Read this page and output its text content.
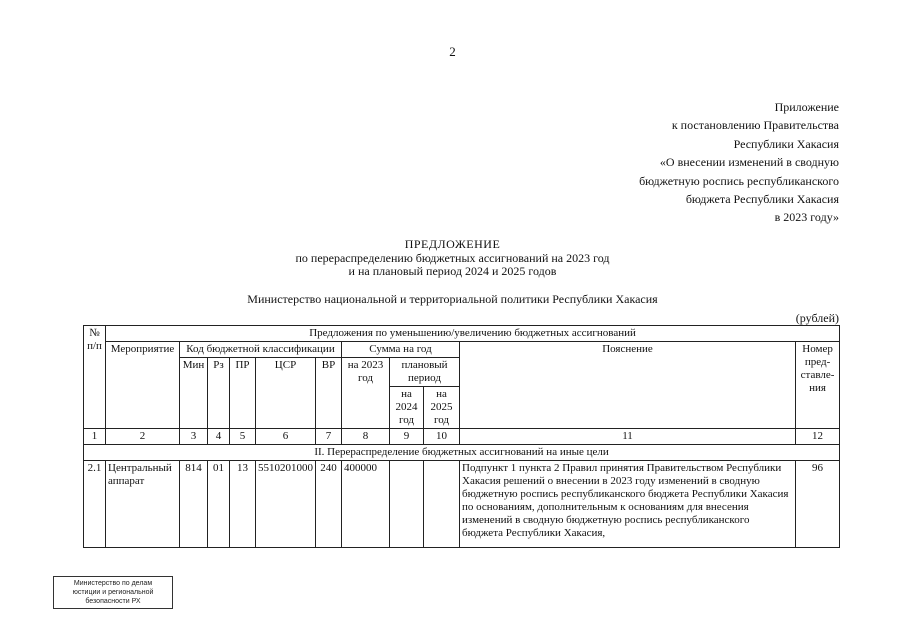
2
Приложение
к постановлению Правительства
Республики Хакасия
«О внесении изменений в сводную
бюджетную роспись республиканского
бюджета Республики Хакасия
в 2023 году»
ПРЕДЛОЖЕНИЕ
по перераспределению бюджетных ассигнований на 2023 год
и на плановый период 2024 и 2025 годов
Министерство национальной и территориальной политики Республики Хакасия
(рублей)
№ п/п	Предложения по уменьшению/увеличению бюджетных ассигнований										
	Мероприятие	Код бюджетной классификации					Сумма на год			Пояснение	Номер пред-ставле-ния
		Мин	Рз	ПР	ЦСР	ВР	на 2023 год	плановый период			
								на 2024 год	на 2025 год		
1	2	3	4	5	6	7	8	9	10	11	12
II. Перераспределение бюджетных ассигнований на иные цели											
2.1	Центральный аппарат	814	01	13	5510201000	240	400000			Подпункт 1 пункта 2 Правил принятия Правительством Республики Хакасия решений о внесении в 2023 году изменений в сводную бюджетную роспись республиканского бюджета Республики Хакасия по основаниям, дополнительным к основаниям для внесения изменений в сводную бюджетную роспись республиканского бюджета Республики Хакасия,	96
Министерство по делам
юстиции и региональной
безопасности РХ
